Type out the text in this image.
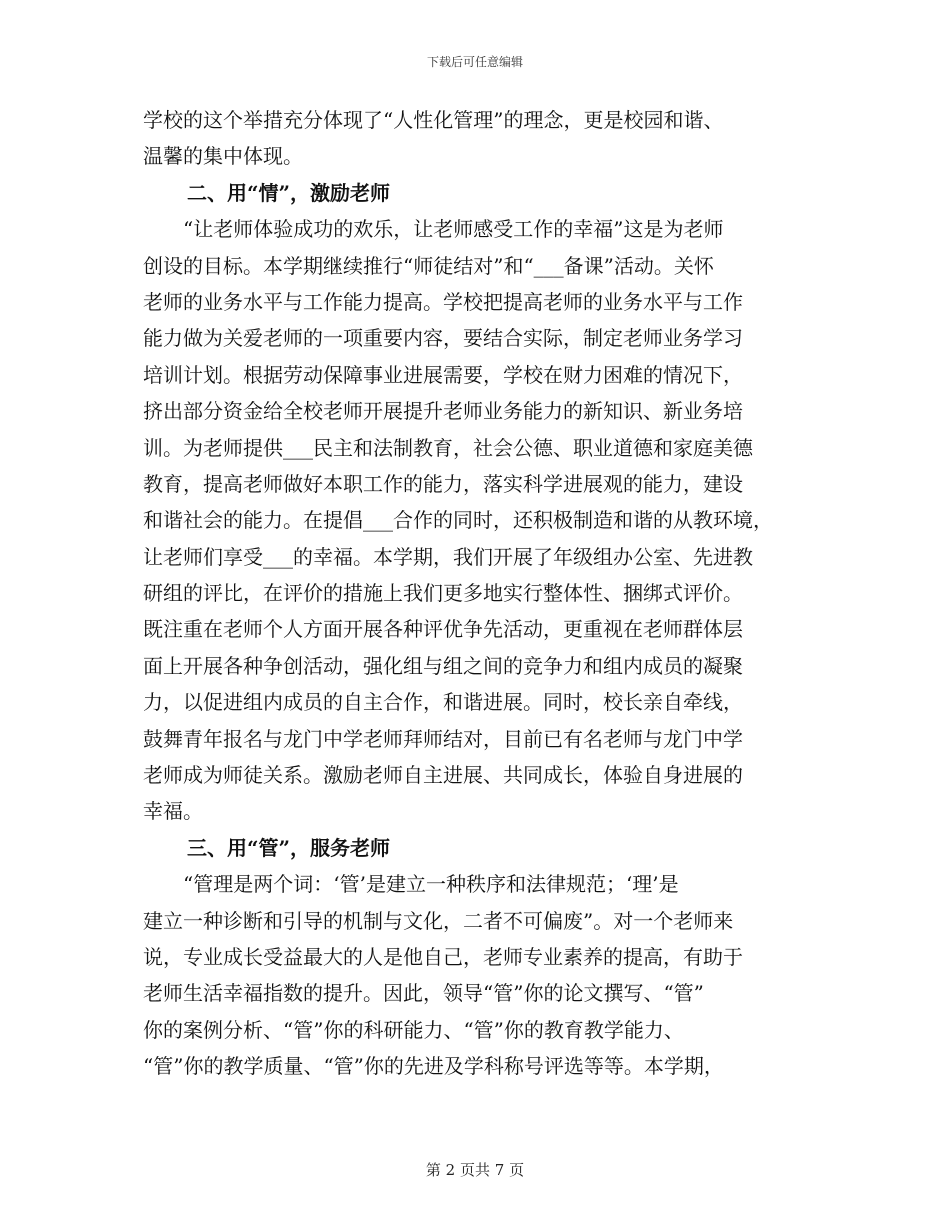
下载后可任意编辑
学校的这个举措充分体现了“人性化管理”的理念，更是校园和谐、
温馨的集中体现。
二、用“情”，激励老师
“让老师体验成功的欢乐，让老师感受工作的幸福”这是为老师
创设的目标。本学期继续推行“师徒结对”和“___备课”活动。关怀
老师的业务水平与工作能力提高。学校把提高老师的业务水平与工作
能力做为关爱老师的一项重要内容，要结合实际，制定老师业务学习
培训计划。根据劳动保障事业进展需要，学校在财力困难的情况下，
挤出部分资金给全校老师开展提升老师业务能力的新知识、新业务培
训。为老师提供___民主和法制教育，社会公德、职业道德和家庭美德
教育，提高老师做好本职工作的能力，落实科学进展观的能力，建设
和谐社会的能力。在提倡___合作的同时，还积极制造和谐的从教环境，
让老师们享受___的幸福。本学期，我们开展了年级组办公室、先进教
研组的评比，在评价的措施上我们更多地实行整体性、捆绑式评价。
既注重在老师个人方面开展各种评优争先活动，更重视在老师群体层
面上开展各种争创活动，强化组与组之间的竞争力和组内成员的凝聚
力，以促进组内成员的自主合作，和谐进展。同时，校长亲自牵线，
鼓舞青年报名与龙门中学老师拜师结对，目前已有名老师与龙门中学
老师成为师徒关系。激励老师自主进展、共同成长，体验自身进展的
幸福。
三、用“管”，服务老师
“管理是两个词：‘管’是建立一种秩序和法律规范；‘理’是
建立一种诊断和引导的机制与文化，二者不可偏废”。对一个老师来
说，专业成长受益最大的人是他自己，老师专业素养的提高，有助于
老师生活幸福指数的提升。因此，领导“管”你的论文撰写、“管”
你的案例分析、“管”你的科研能力、“管”你的教育教学能力、
“管”你的教学质量、“管”你的先进及学科称号评选等等。本学期，
第 2 页共 7 页
